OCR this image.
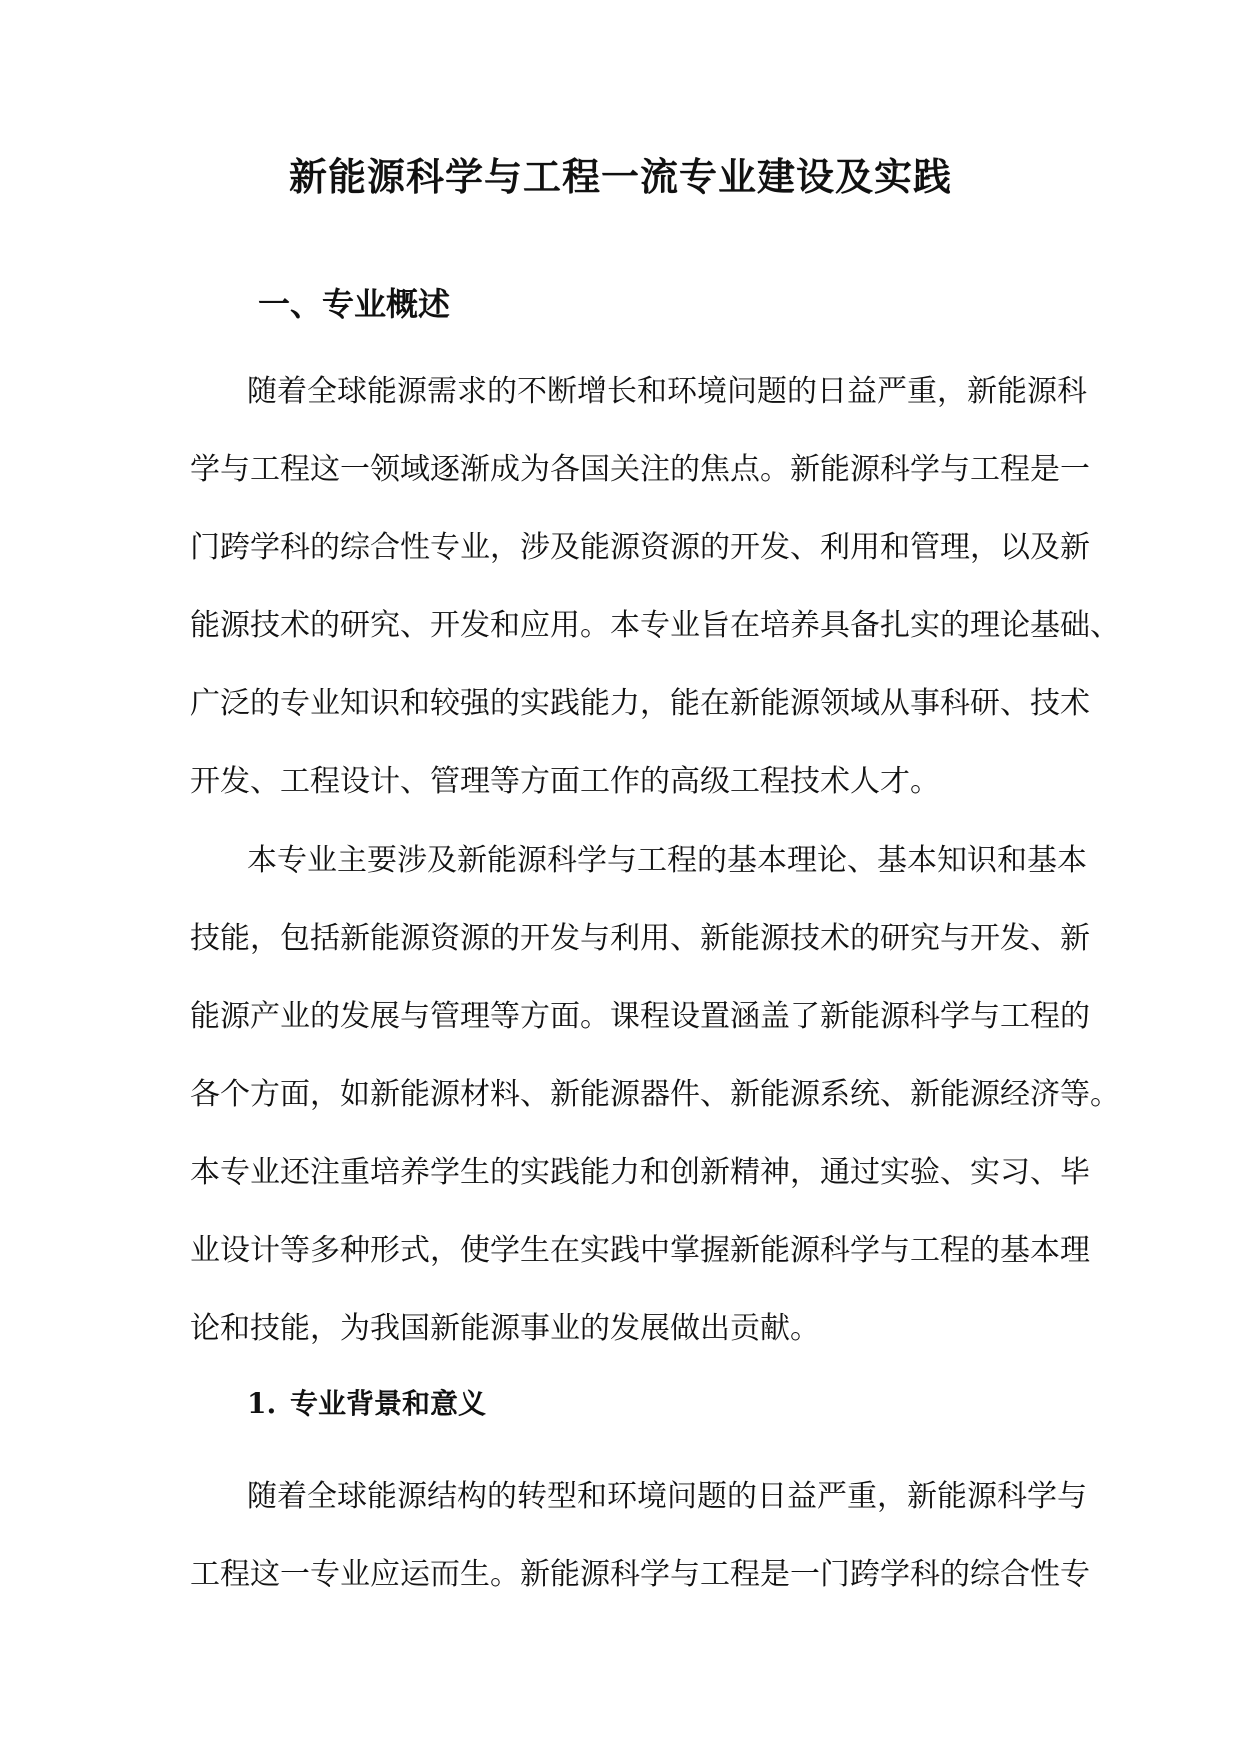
新能源科学与工程一流专业建设及实践
一、专业概述

随着全球能源需求的不断增长和环境问题的日益严重，新能源科
学与工程这一领域逐渐成为各国关注的焦点。新能源科学与工程是一
门跨学科的综合性专业，涉及能源资源的开发、利用和管理，以及新
能源技术的研究、开发和应用。本专业旨在培养具备扎实的理论基础、
广泛的专业知识和较强的实践能力，能在新能源领域从事科研、技术
开发、工程设计、管理等方面工作的高级工程技术人才。

本专业主要涉及新能源科学与工程的基本理论、基本知识和基本
技能，包括新能源资源的开发与利用、新能源技术的研究与开发、新
能源产业的发展与管理等方面。课程设置涵盖了新能源科学与工程的
各个方面，如新能源材料、新能源器件、新能源系统、新能源经济等。
本专业还注重培养学生的实践能力和创新精神，通过实验、实习、毕
业设计等多种形式，使学生在实践中掌握新能源科学与工程的基本理
论和技能，为我国新能源事业的发展做出贡献。

1. 专业背景和意义

随着全球能源结构的转型和环境问题的日益严重，新能源科学与
工程这一专业应运而生。新能源科学与工程是一门跨学科的综合性专
